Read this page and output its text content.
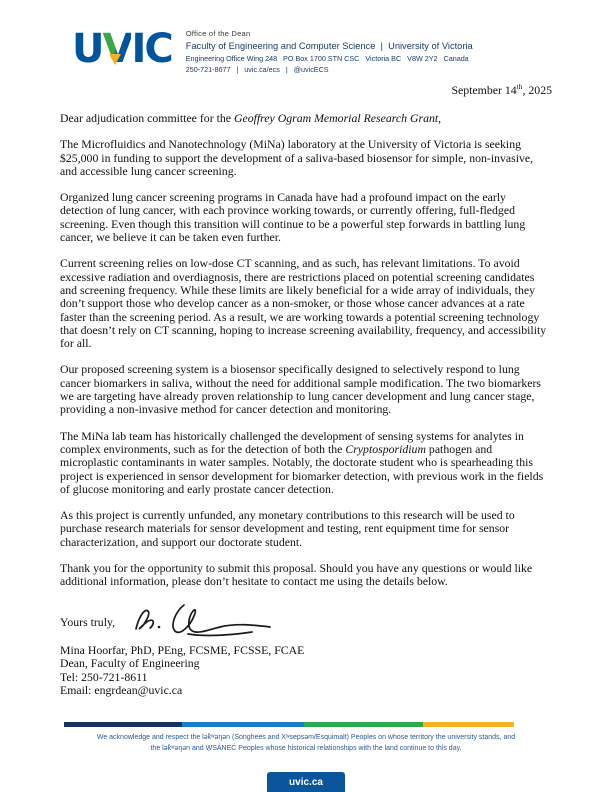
UVIC Office of the Dean
Faculty of Engineering and Computer Science  |  University of Victoria
Engineering Office Wing 248   PO Box 1700 STN CSC   Victoria BC   V8W 2Y2   Canada
250-721-8677   |   uvic.ca/ecs   |   @uvicECS
September 14th, 2025

Dear adjudication committee for the Geoffrey Ogram Memorial Research Grant,

The Microfluidics and Nanotechnology (MiNa) laboratory at the University of Victoria is seeking $25,000 in funding to support the development of a saliva-based biosensor for simple, non-invasive, and accessible lung cancer screening.

Organized lung cancer screening programs in Canada have had a profound impact on the early detection of lung cancer, with each province working towards, or currently offering, full-fledged screening. Even though this transition will continue to be a powerful step forwards in battling lung cancer, we believe it can be taken even further.

Current screening relies on low-dose CT scanning, and as such, has relevant limitations. To avoid excessive radiation and overdiagnosis, there are restrictions placed on potential screening candidates and screening frequency. While these limits are likely beneficial for a wide array of individuals, they don’t support those who develop cancer as a non-smoker, or those whose cancer advances at a rate faster than the screening period. As a result, we are working towards a potential screening technology that doesn’t rely on CT scanning, hoping to increase screening availability, frequency, and accessibility for all.

Our proposed screening system is a biosensor specifically designed to selectively respond to lung cancer biomarkers in saliva, without the need for additional sample modification. The two biomarkers we are targeting have already proven relationship to lung cancer development and lung cancer stage, providing a non-invasive method for cancer detection and monitoring.

The MiNa lab team has historically challenged the development of sensing systems for analytes in complex environments, such as for the detection of both the Cryptosporidium pathogen and microplastic contaminants in water samples. Notably, the doctorate student who is spearheading this project is experienced in sensor development for biomarker detection, with previous work in the fields of glucose monitoring and early prostate cancer detection.

As this project is currently unfunded, any monetary contributions to this research will be used to purchase research materials for sensor development and testing, rent equipment time for sensor characterization, and support our doctorate student.

Thank you for the opportunity to submit this proposal. Should you have any questions or would like additional information, please don’t hesitate to contact me using the details below.

Yours truly,
Mina Hoorfar, PhD, PEng, FCSME, FCSSE, FCAE
Dean, Faculty of Engineering
Tel: 250-721-8611
Email: engrdean@uvic.ca
We acknowledge and respect the lək̓ʷəŋən (Songhees and Xʷsepsəm/Esquimalt) Peoples on whose territory the university stands, and
the lək̓ʷəŋən and W̱SÁNEĆ Peoples whose historical relationships with the land continue to this day.
uvic.ca
